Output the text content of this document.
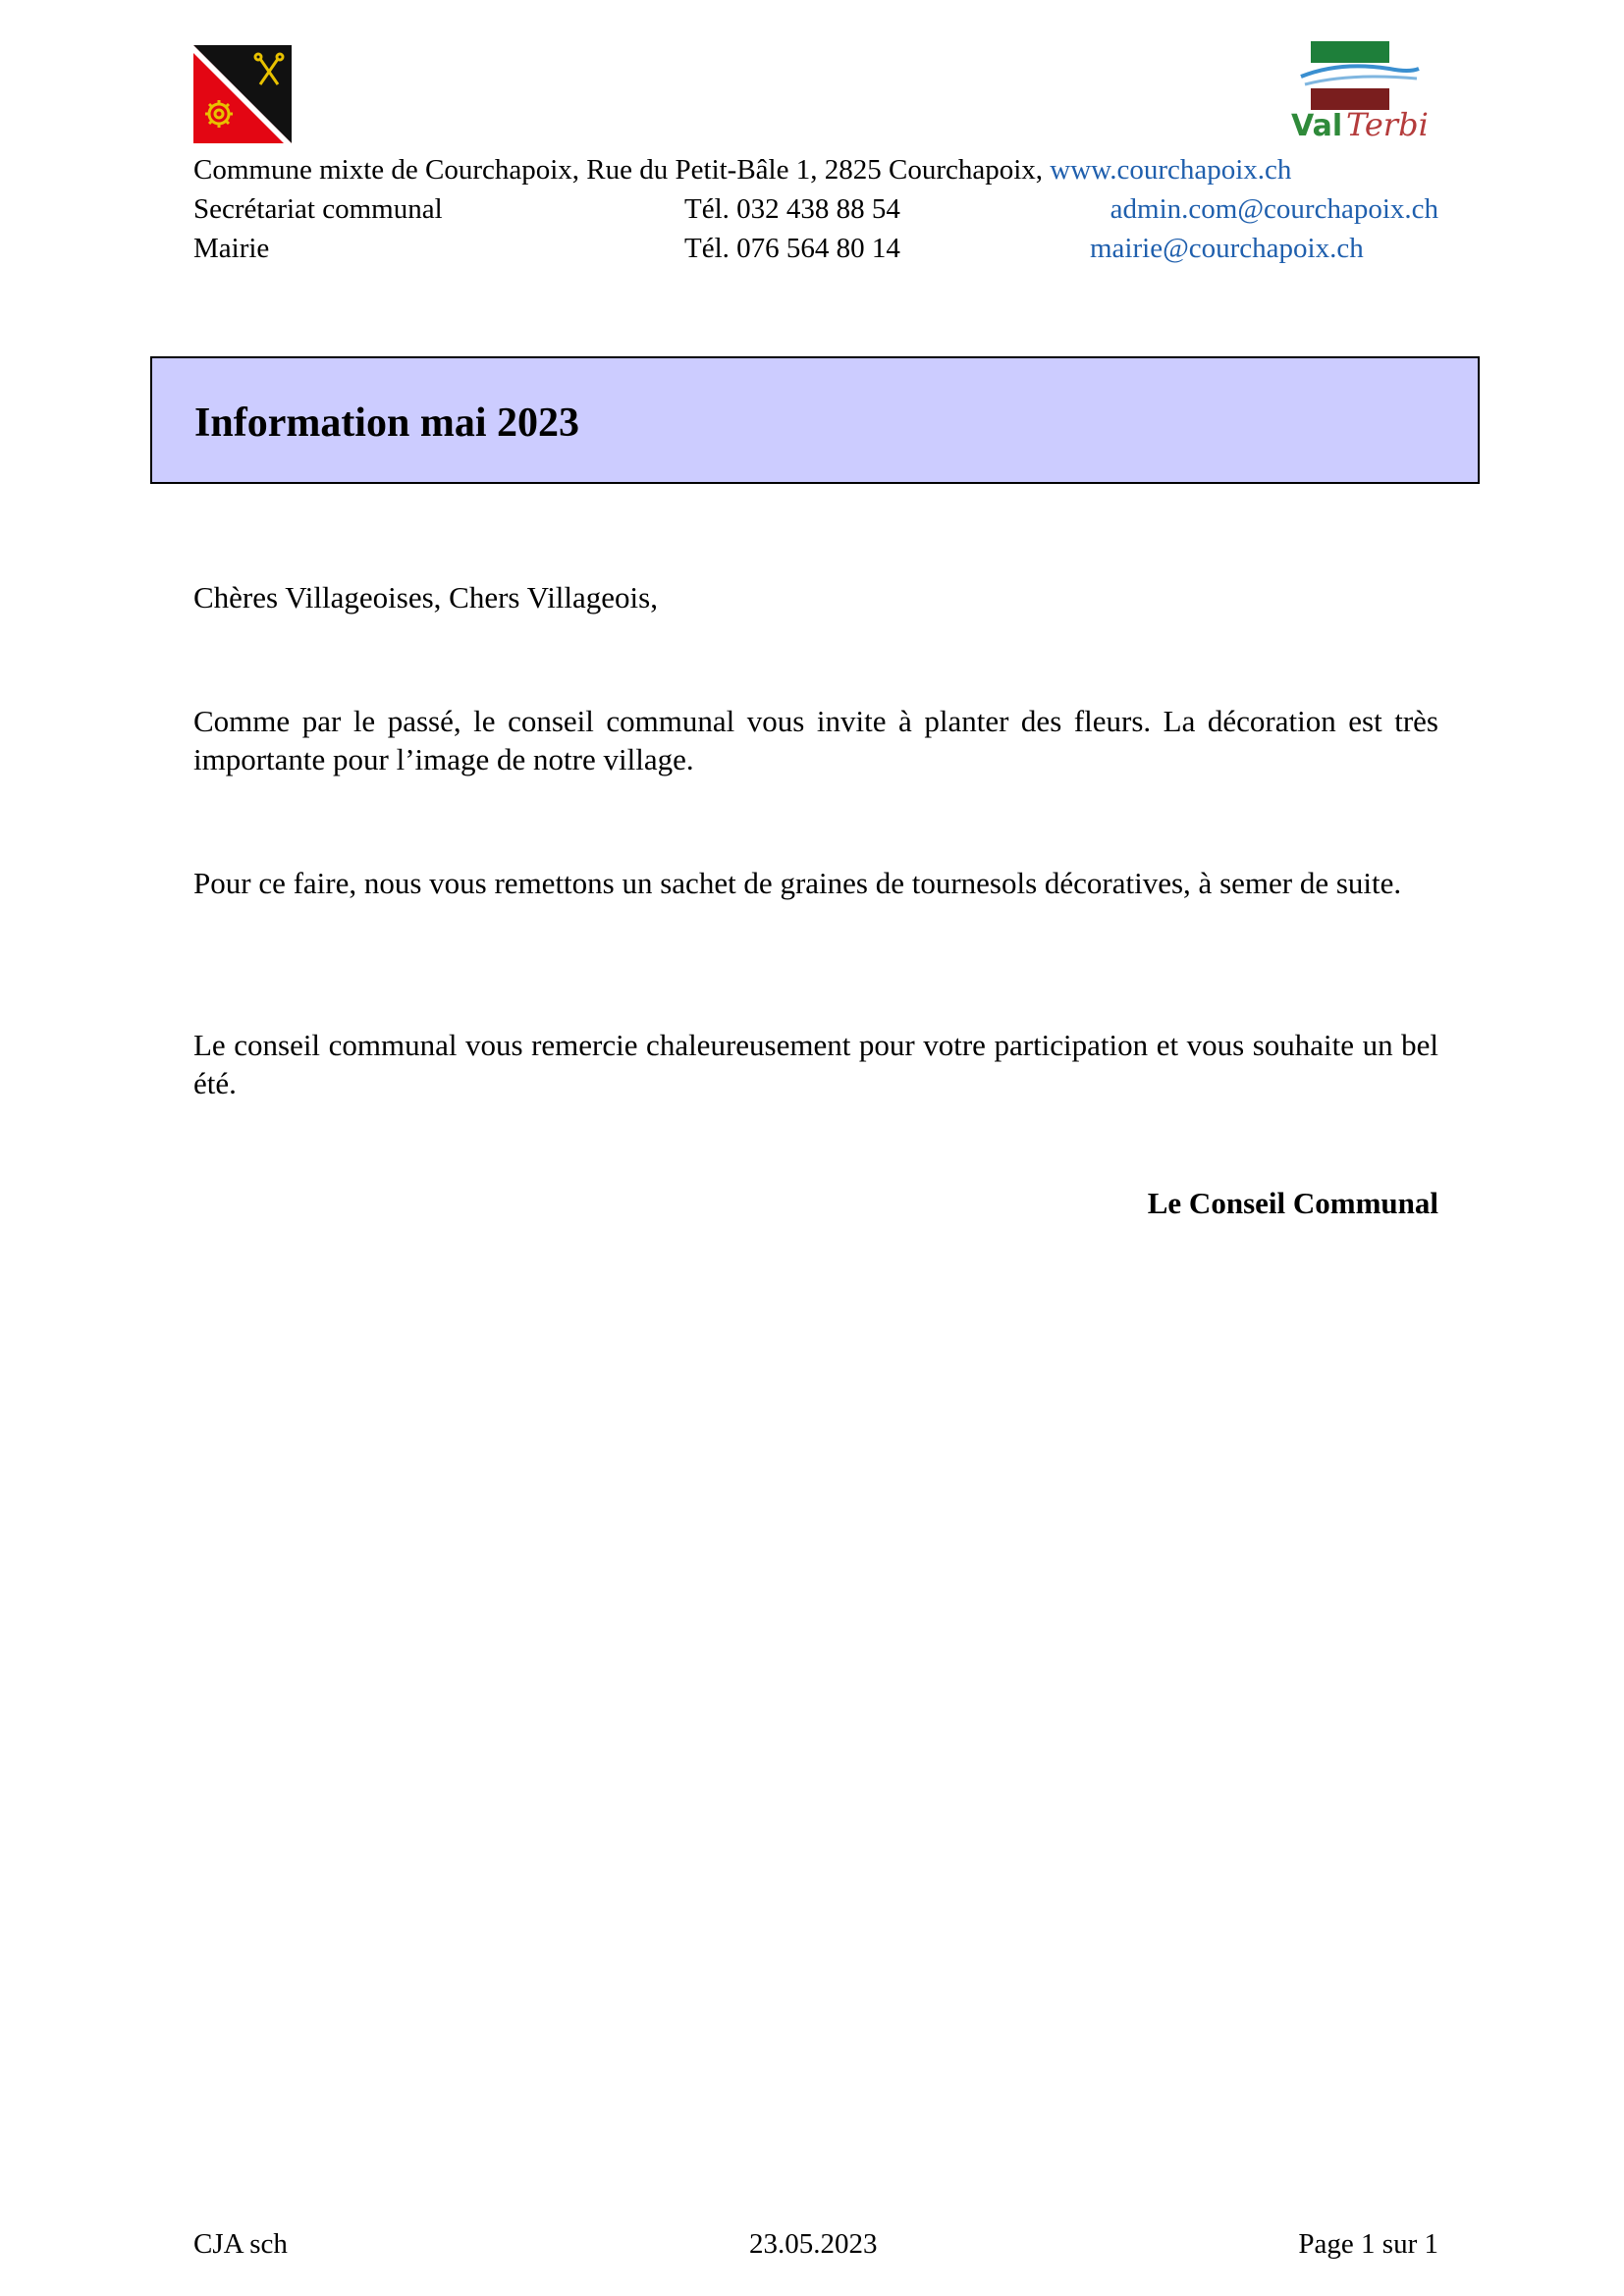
Val Terbi
Commune mixte de Courchapoix, Rue du Petit-Bâle 1, 2825 Courchapoix, www.courchapoix.ch
Secrétariat communal	Tél. 032 438 88 54	admin.com@courchapoix.ch
Mairie	Tél. 076 564 80 14	mairie@courchapoix.ch
Information mai 2023
Chères Villageoises, Chers Villageois,
Comme par le passé, le conseil communal vous invite à planter des fleurs. La décoration est très importante pour l’image de notre village.
Pour ce faire, nous vous remettons un sachet de graines de tournesols décoratives, à semer de suite.
Le conseil communal vous remercie chaleureusement pour votre participation et vous souhaite un bel été.
Le Conseil Communal
CJA sch	23.05.2023	Page 1 sur 1
